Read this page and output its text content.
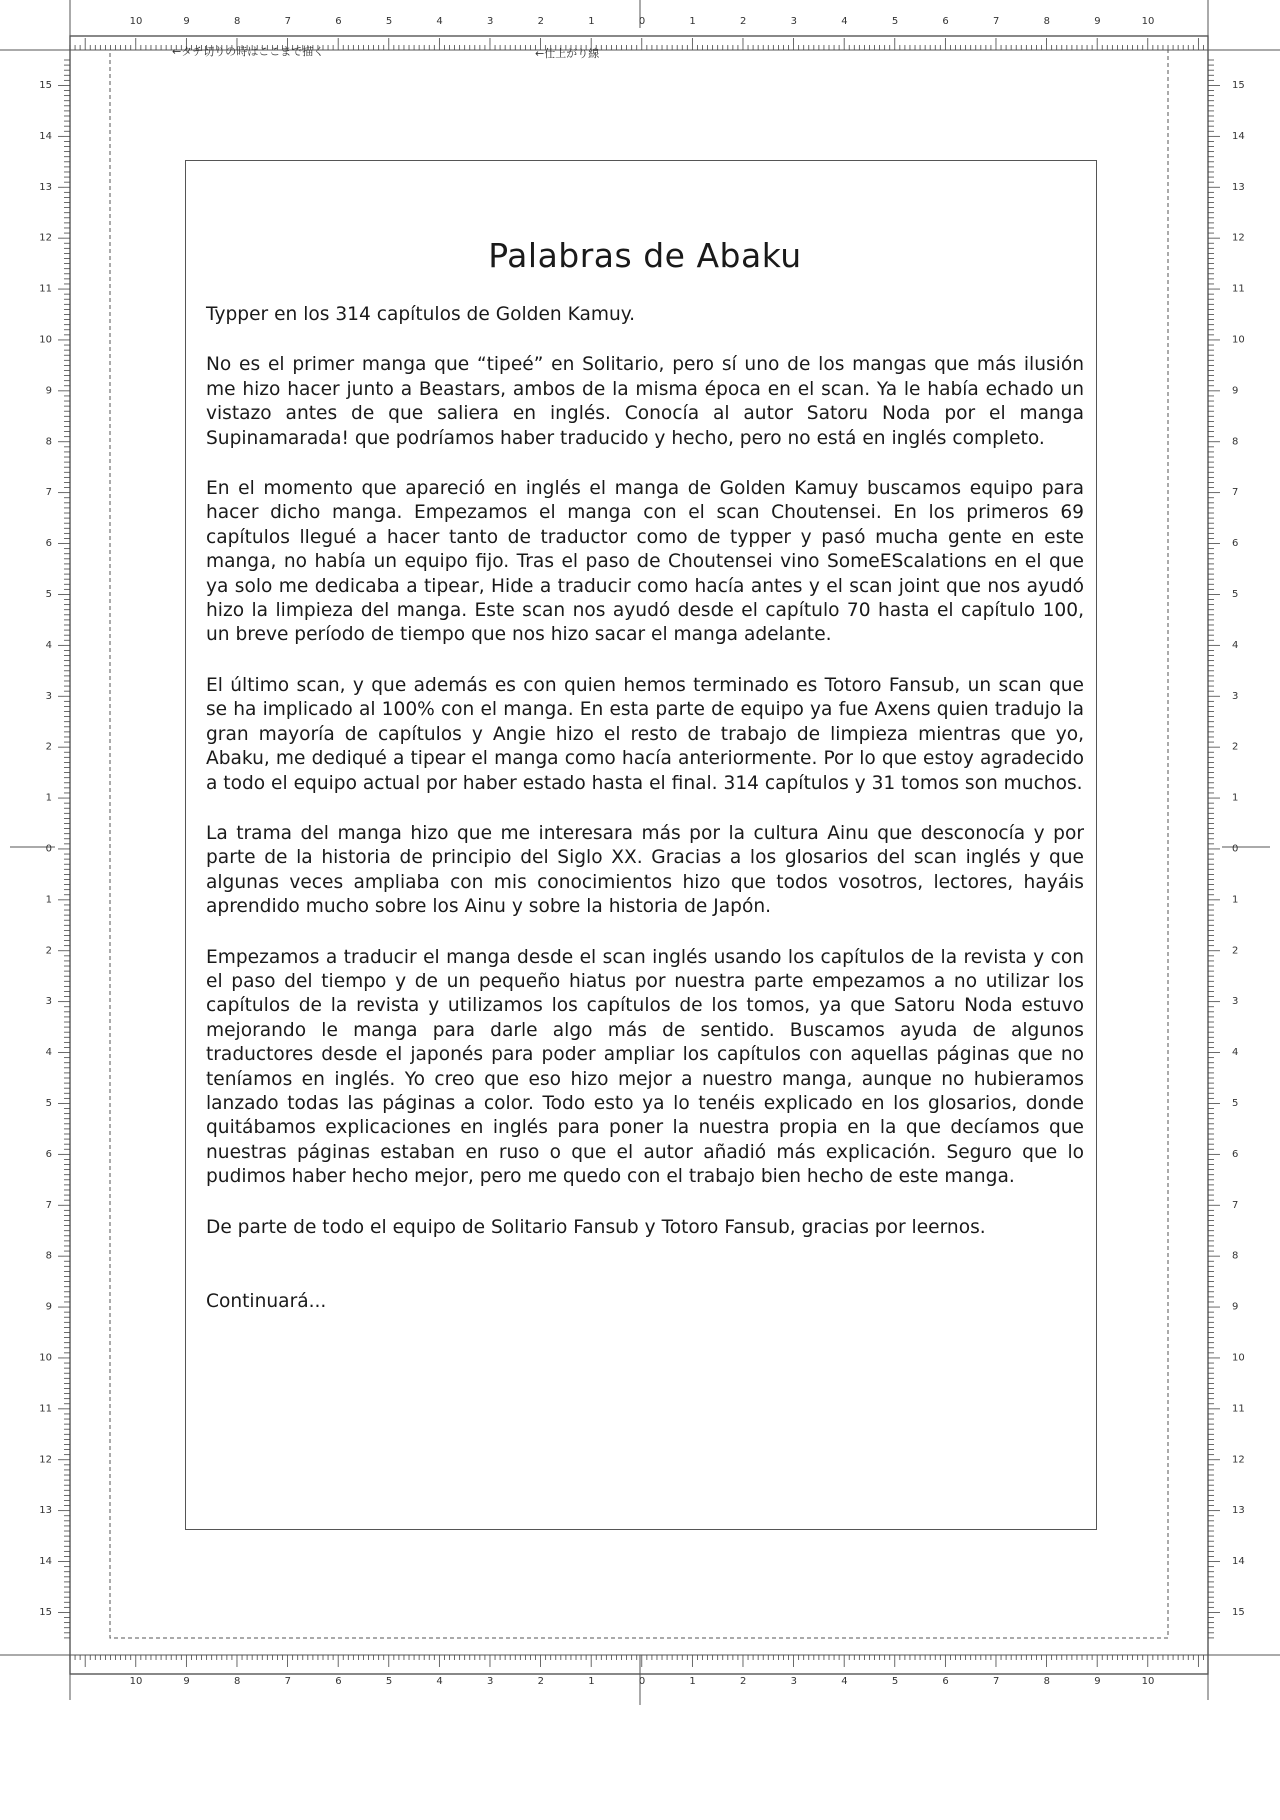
10
10
9
9
8
8
7
7
6
6
5
5
4
4
3
3
2
2
1
1
0
0
1
1
2
2
3
3
4
4
5
5
6
6
7
7
8
8
9
9
10
10
15	15
14	14
13	13
12	12
11	11
10	10
9	9
8	8
7	7
6	6
5	5
4	4
3	3
2	2
1	1
0	0
1	1
2	2
3	3
4	4
5	5
6	6
7	7
8	8
9	9
10	10
11	11
12	12
13	13
14	14
15	15
←タチ切りの時はここまで描く	←仕上がり線
Palabras de Abaku

Typper en los 314 capítulos de Golden Kamuy.

No es el primer manga que “tipeé” en Solitario, pero sí uno de los mangas que más ilusión me hizo hacer junto a Beastars, ambos de la misma época en el scan. Ya le había echado un vistazo antes de que saliera en inglés. Conocía al autor Satoru Noda por el manga Supinamarada! que podríamos haber traducido y hecho, pero no está en inglés completo.

En el momento que apareció en inglés el manga de Golden Kamuy buscamos equipo para hacer dicho manga. Empezamos el manga con el scan Choutensei. En los primeros 69 capítulos llegué a hacer tanto de traductor como de typper y pasó mucha gente en este manga, no había un equipo fijo. Tras el paso de Choutensei vino SomeEScalations en el que ya solo me dedicaba a tipear, Hide a traducir como hacía antes y el scan joint que nos ayudó hizo la limpieza del manga. Este scan nos ayudó desde el capítulo 70 hasta el capítulo 100, un breve período de tiempo que nos hizo sacar el manga adelante.

El último scan, y que además es con quien hemos terminado es Totoro Fansub, un scan que se ha implicado al 100% con el manga. En esta parte de equipo ya fue Axens quien tradujo la gran mayoría de capítulos y Angie hizo el resto de trabajo de limpieza mientras que yo, Abaku, me dediqué a tipear el manga como hacía anteriormente. Por lo que estoy agradecido a todo el equipo actual por haber estado hasta el final. 314 capítulos y 31 tomos son muchos.

La trama del manga hizo que me interesara más por la cultura Ainu que desconocía y por parte de la historia de principio del Siglo XX. Gracias a los glosarios del scan inglés y que algunas veces ampliaba con mis conocimientos hizo que todos vosotros, lectores, hayáis aprendido mucho sobre los Ainu y sobre la historia de Japón.

Empezamos a traducir el manga desde el scan inglés usando los capítulos de la revista y con el paso del tiempo y de un pequeño hiatus por nuestra parte empezamos a no utilizar los capítulos de la revista y utilizamos los capítulos de los tomos, ya que Satoru Noda estuvo mejorando le manga para darle algo más de sentido. Buscamos ayuda de algunos traductores desde el japonés para poder ampliar los capítulos con aquellas páginas que no teníamos en inglés. Yo creo que eso hizo mejor a nuestro manga, aunque no hubieramos lanzado todas las páginas a color. Todo esto ya lo tenéis explicado en los glosarios, donde quitábamos explicaciones en inglés para poner la nuestra propia en la que decíamos que nuestras páginas estaban en ruso o que el autor añadió más explicación. Seguro que lo pudimos haber hecho mejor, pero me quedo con el trabajo bien hecho de este manga.

De parte de todo el equipo de Solitario Fansub y Totoro Fansub, gracias por leernos.

Continuará...
